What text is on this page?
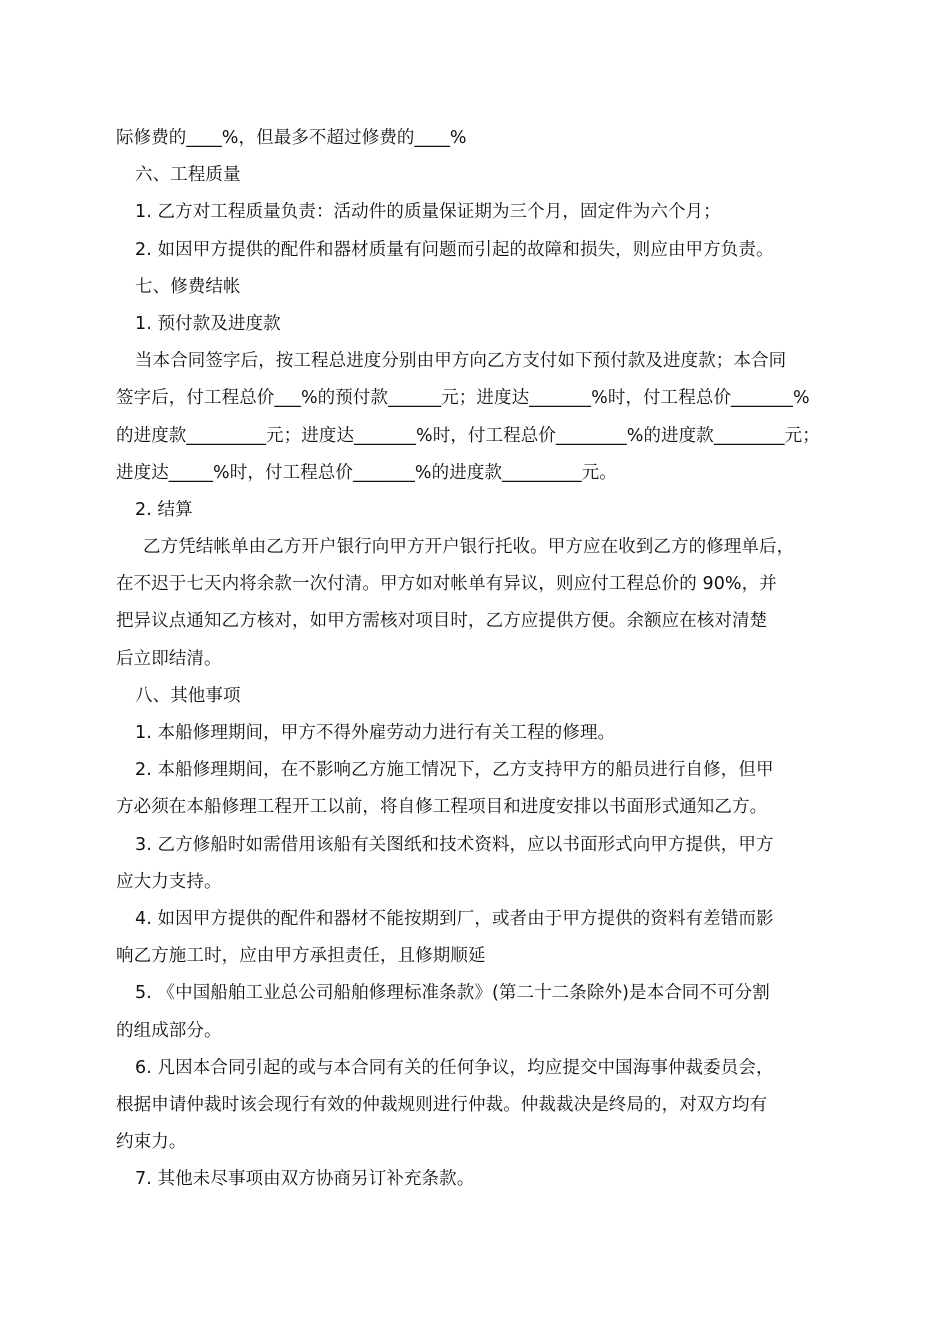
际修费的____%，但最多不超过修费的____%
六、工程质量
1. 乙方对工程质量负责：活动件的质量保证期为三个月，固定件为六个月；
2. 如因甲方提供的配件和器材质量有问题而引起的故障和损失，则应由甲方负责。
七、修费结帐
1. 预付款及进度款
当本合同签字后，按工程总进度分别由甲方向乙方支付如下预付款及进度款；本合同
签字后，付工程总价___%的预付款______元；进度达_______%时，付工程总价_______%
的进度款_________元；进度达_______%时，付工程总价________%的进度款________元；
进度达_____%时，付工程总价_______%的进度款_________元。
2. 结算
乙方凭结帐单由乙方开户银行向甲方开户银行托收。甲方应在收到乙方的修理单后，
在不迟于七天内将余款一次付清。甲方如对帐单有异议，则应付工程总价的 90%，并
把异议点通知乙方核对，如甲方需核对项目时，乙方应提供方便。余额应在核对清楚
后立即结清。
八、其他事项
1. 本船修理期间，甲方不得外雇劳动力进行有关工程的修理。
2. 本船修理期间，在不影响乙方施工情况下，乙方支持甲方的船员进行自修，但甲
方必须在本船修理工程开工以前，将自修工程项目和进度安排以书面形式通知乙方。
3. 乙方修船时如需借用该船有关图纸和技术资料，应以书面形式向甲方提供，甲方
应大力支持。
4. 如因甲方提供的配件和器材不能按期到厂，或者由于甲方提供的资料有差错而影
响乙方施工时，应由甲方承担责任，且修期顺延
5. 《中国船舶工业总公司船舶修理标准条款》(第二十二条除外)是本合同不可分割
的组成部分。
6. 凡因本合同引起的或与本合同有关的任何争议，均应提交中国海事仲裁委员会，
根据申请仲裁时该会现行有效的仲裁规则进行仲裁。仲裁裁决是终局的，对双方均有
约束力。
7. 其他未尽事项由双方协商另订补充条款。
